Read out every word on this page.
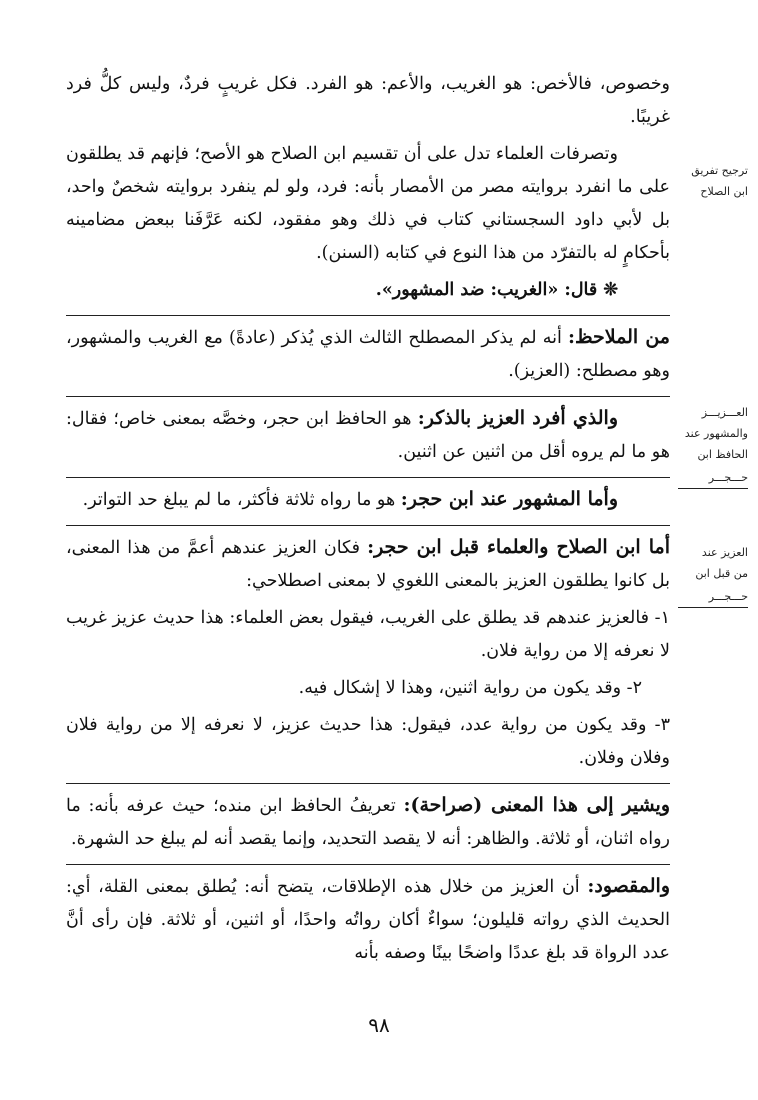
وخصوص، فالأخص: هو الغريب، والأعم: هو الفرد. فكل غريبٍ فردٌ، وليس كلُّ فرد غريبًا.

وتصرفات العلماء تدل على أن تقسيم ابن الصلاح هو الأصح؛ فإنهم قد يطلقون على ما انفرد بروايته مصر من الأمصار بأنه: فرد، ولو لم ينفرد بروايته شخصٌ واحد، بل لأبي داود السجستاني كتاب في ذلك وهو مفقود، لكنه عَرَّفَنا ببعض مضامينه بأحكامٍ له بالتفرّد من هذا النوع في كتابه (السنن).

❊ قال: «الغريب: ضد المشهور».

من الملاحظ: أنه لم يذكر المصطلح الثالث الذي يُذكر (عادةً) مع الغريب والمشهور، وهو مصطلح: (العزيز).

والذي أفرد العزيز بالذكر: هو الحافظ ابن حجر، وخصَّه بمعنى خاص؛ فقال: هو ما لم يروه أقل من اثنين عن اثنين.

وأما المشهور عند ابن حجر: هو ما رواه ثلاثة فأكثر، ما لم يبلغ حد التواتر.

أما ابن الصلاح والعلماء قبل ابن حجر: فكان العزيز عندهم أعمَّ من هذا المعنى، بل كانوا يطلقون العزيز بالمعنى اللغوي لا بمعنى اصطلاحي:

١- فالعزيز عندهم قد يطلق على الغريب، فيقول بعض العلماء: هذا حديث عزيز غريب لا نعرفه إلا من رواية فلان.

٢- وقد يكون من رواية اثنين، وهذا لا إشكال فيه.

٣- وقد يكون من رواية عدد، فيقول: هذا حديث عزيز، لا نعرفه إلا من رواية فلان وفلان وفلان.

ويشير إلى هذا المعنى (صراحة): تعريفُ الحافظ ابن منده؛ حيث عرفه بأنه: ما رواه اثنان، أو ثلاثة. والظاهر: أنه لا يقصد التحديد، وإنما يقصد أنه لم يبلغ حد الشهرة.

والمقصود: أن العزيز من خلال هذه الإطلاقات، يتضح أنه: يُطلق بمعنى القلة، أي: الحديث الذي رواته قليلون؛ سواءٌ أكان رواتُه واحدًا، أو اثنين، أو ثلاثة. فإن رأى أنَّ عدد الرواة قد بلغ عددًا واضحًا بينًا وصفه بأنه

ترجيح تفريق
ابن الصلاح
العـــزيـــز
والمشهور عند
الحافظ ابن
حـــجـــر
العزيز عند
من قبل ابن
حـــجـــر
٩٨
